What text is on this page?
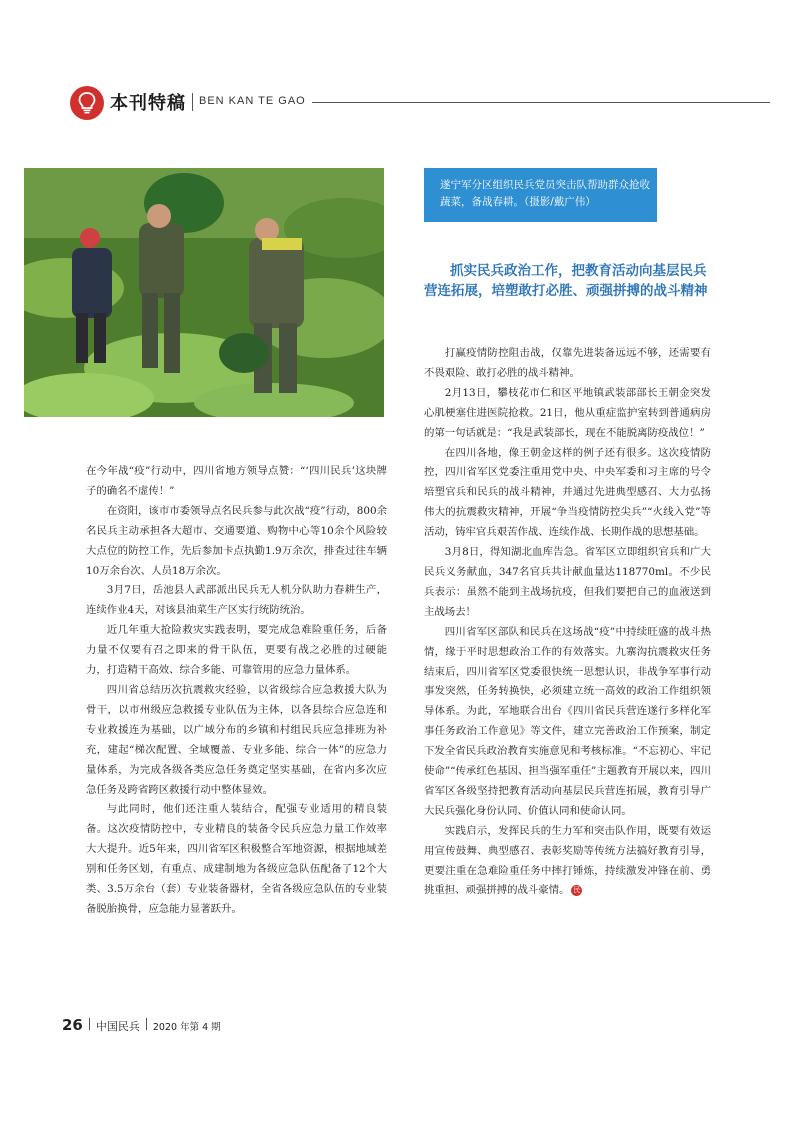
本刊特稿 BEN KAN TE GAO
遂宁军分区组织民兵党员突击队帮助群众抢收蔬菜，备战春耕。（摄影/戴广伟）
抓实民兵政治工作，把教育活动向基层民兵营连拓展，培塑敢打必胜、顽强拼搏的战斗精神

在今年战“疫”行动中，四川省地方领导点赞：“‘四川民兵’这块牌子的确名不虚传！”

在资阳，该市市委领导点名民兵参与此次战“疫”行动，800余名民兵主动承担各大超市、交通要道、购物中心等10余个风险较大点位的防控工作，先后参加卡点执勤1.9万余次，排查过往车辆10万余台次、人员18万余次。

3月7日，岳池县人武部派出民兵无人机分队助力春耕生产，连续作业4天，对该县油菜生产区实行统防统治。

近几年重大抢险救灾实践表明，要完成急难险重任务，后备力量不仅要有召之即来的骨干队伍，更要有战之必胜的过硬能力，打造精干高效、综合多能、可靠管用的应急力量体系。

四川省总结历次抗震救灾经验，以省级综合应急救援大队为骨干，以市州级应急救援专业队伍为主体，以各县综合应急连和专业救援连为基础，以广域分布的乡镇和村组民兵应急排班为补充，建起“梯次配置、全域覆盖、专业多能、综合一体”的应急力量体系，为完成各级各类应急任务奠定坚实基础，在省内多次应急任务及跨省跨区救援行动中整体显效。

与此同时，他们还注重人装结合，配强专业适用的精良装备。这次疫情防控中，专业精良的装备令民兵应急力量工作效率大大提升。近5年来，四川省军区积极整合军地资源，根据地域差别和任务区划，有重点、成建制地为各级应急队伍配备了12个大类、3.5万余台（套）专业装备器材，全省各级应急队伍的专业装备脱胎换骨，应急能力显著跃升。

打赢疫情防控阻击战，仅靠先进装备远远不够，还需要有不畏艰险、敢打必胜的战斗精神。

2月13日，攀枝花市仁和区平地镇武装部部长王朝金突发心肌梗塞住进医院抢救。21日，他从重症监护室转到普通病房的第一句话就是：“我是武装部长，现在不能脱离防疫战位！”

在四川各地，像王朝金这样的例子还有很多。这次疫情防控，四川省军区党委注重用党中央、中央军委和习主席的号令培塑官兵和民兵的战斗精神，并通过先进典型感召、大力弘扬伟大的抗震救灾精神，开展“争当疫情防控尖兵”“火线入党”等活动，铸牢官兵艰苦作战、连续作战、长期作战的思想基础。

3月8日，得知湖北血库告急。省军区立即组织官兵和广大民兵义务献血，347名官兵共计献血量达118770ml。不少民兵表示：虽然不能到主战场抗疫，但我们要把自己的血液送到主战场去！

四川省军区部队和民兵在这场战“疫”中持续旺盛的战斗热情，缘于平时思想政治工作的有效落实。九寨沟抗震救灾任务结束后，四川省军区党委很快统一思想认识，非战争军事行动事发突然，任务转换快，必须建立统一高效的政治工作组织领导体系。为此，军地联合出台《四川省民兵营连遂行多样化军事任务政治工作意见》等文件，建立完善政治工作预案，制定下发全省民兵政治教育实施意见和考核标准。“不忘初心、牢记使命”“传承红色基因、担当强军重任”主题教育开展以来，四川省军区各级坚持把教育活动向基层民兵营连拓展，教育引导广大民兵强化身份认同、价值认同和使命认同。

实践启示，发挥民兵的生力军和突击队作用，既要有效运用宣传鼓舞、典型感召、表彰奖励等传统方法搞好教育引导，更要注重在急难险重任务中摔打锤炼，持续激发冲锋在前、勇挑重担、顽强拼搏的战斗豪情。 民

26 中国民兵 2020 年第 4 期
